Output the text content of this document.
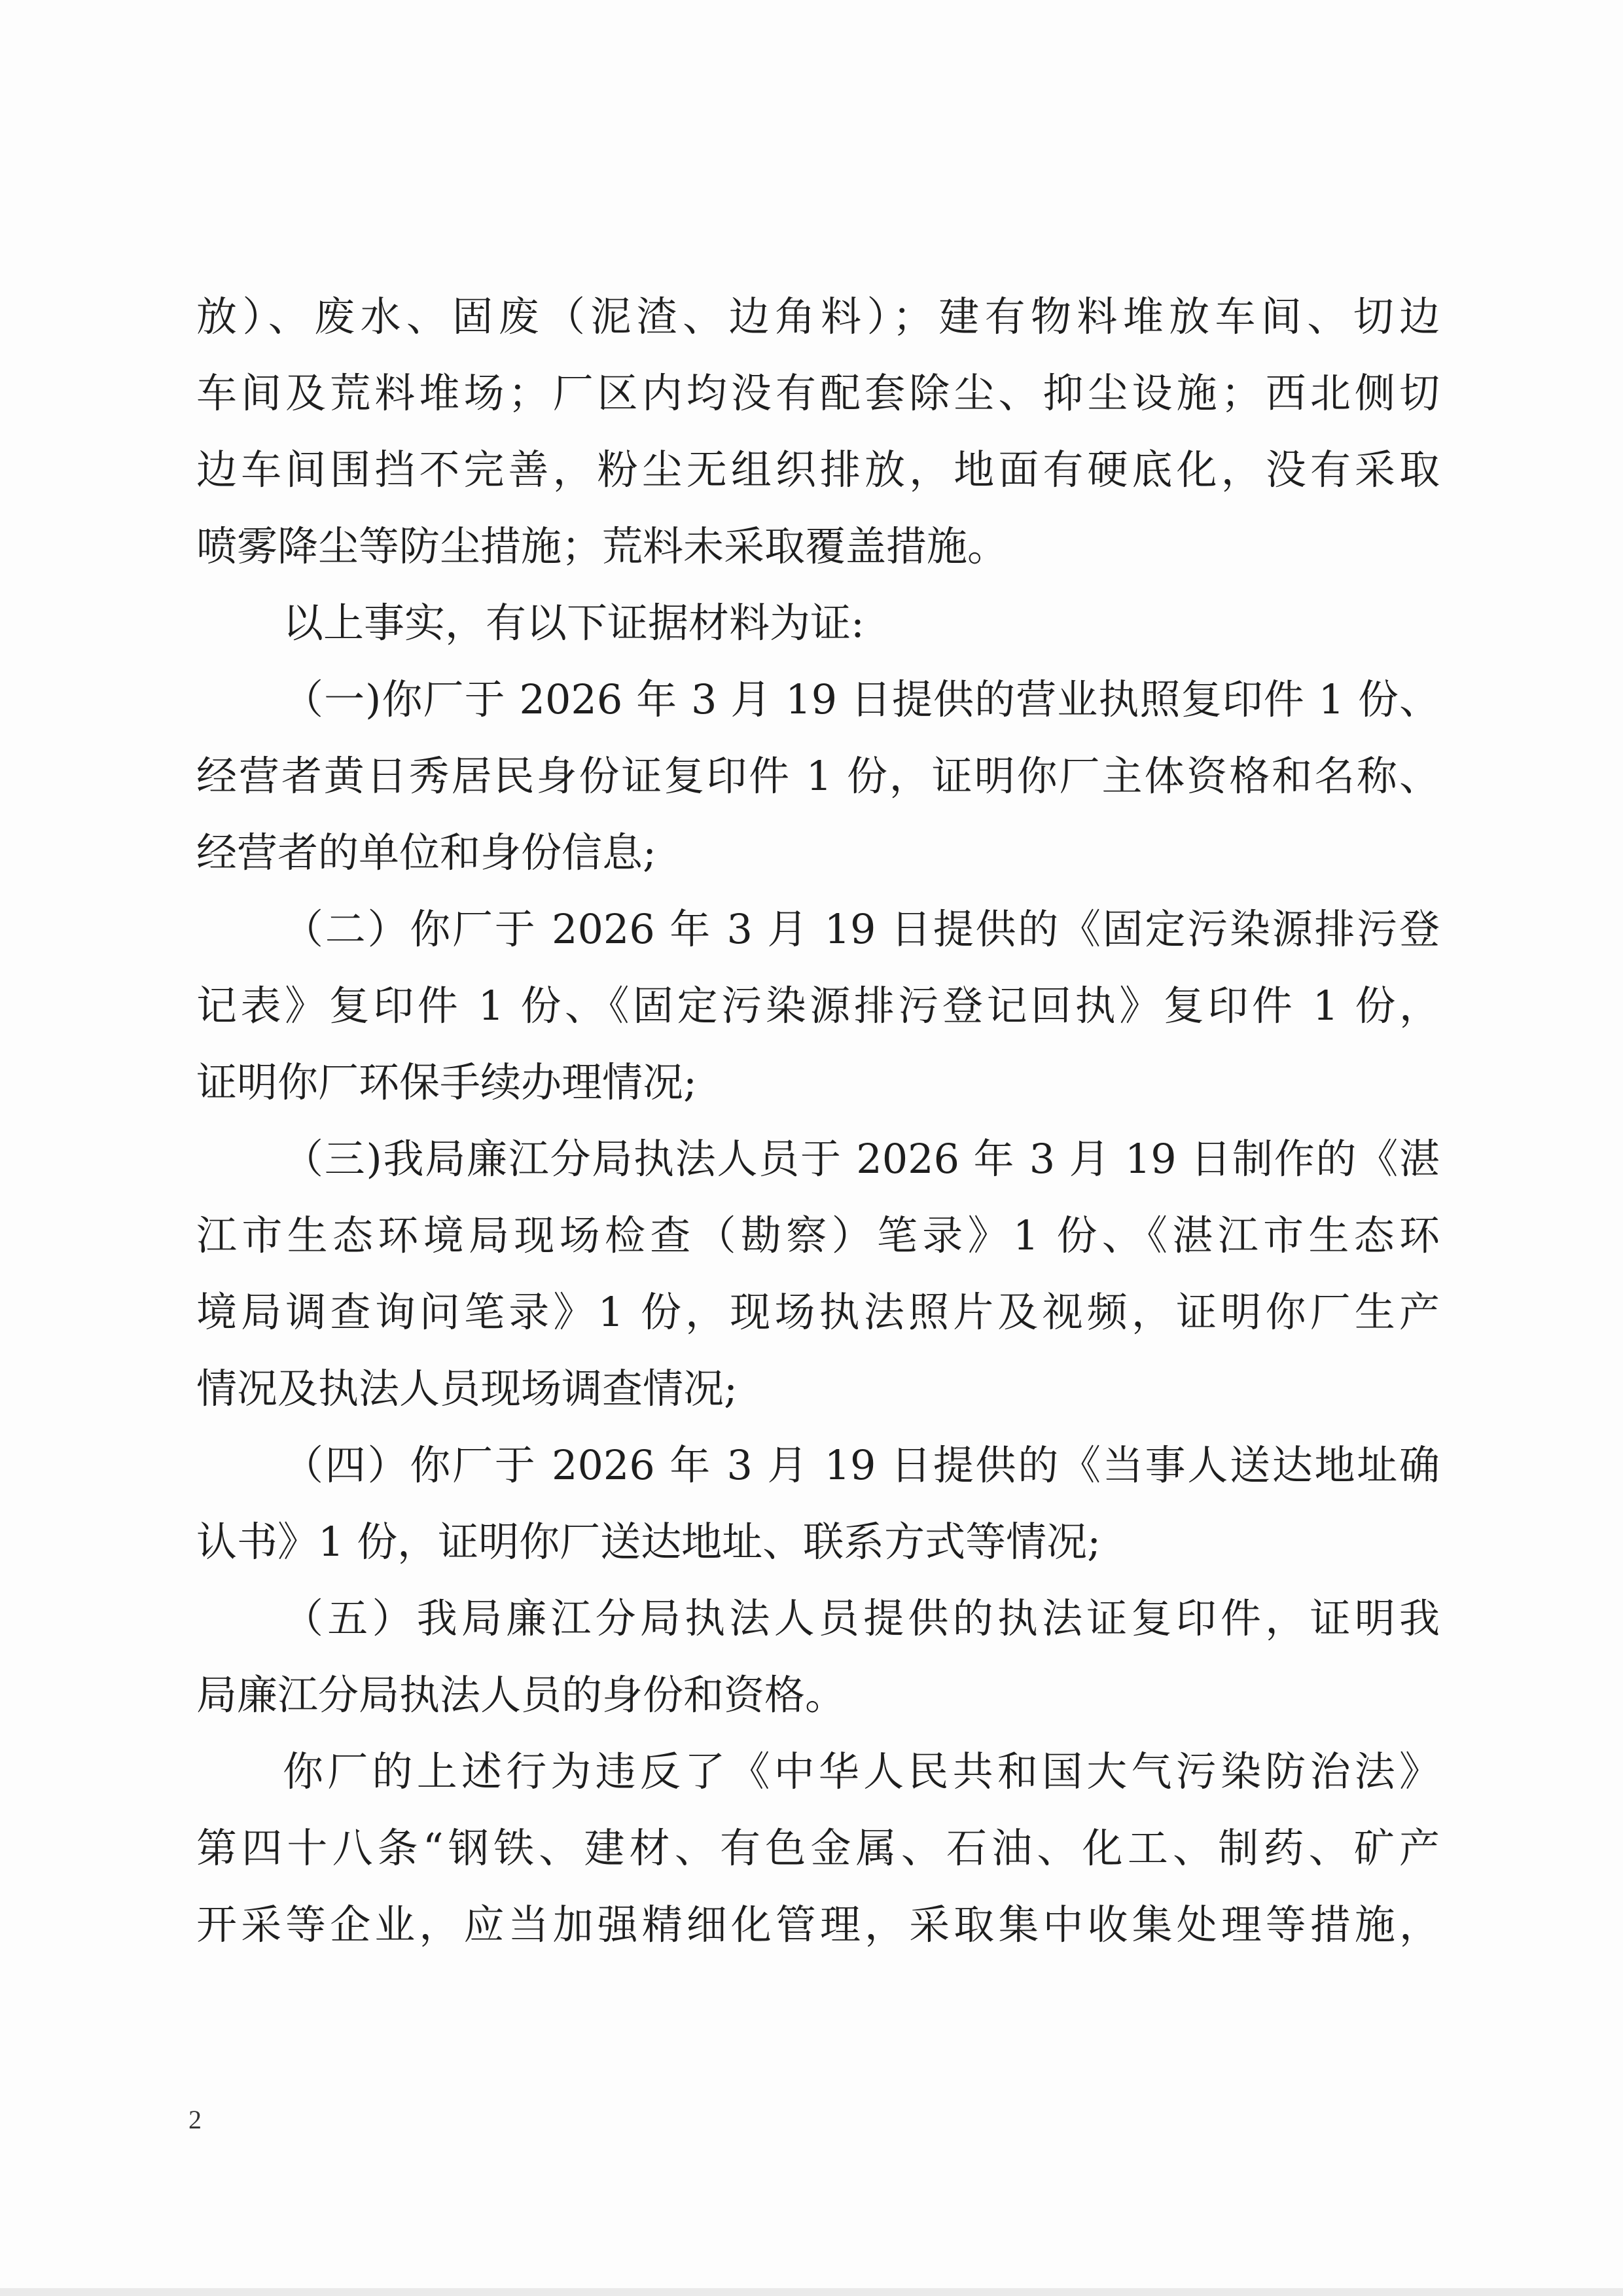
放）、废水、固废（泥渣、边角料）；建有物料堆放车间、切边
车间及荒料堆场；厂区内均没有配套除尘、抑尘设施；西北侧切
边车间围挡不完善，粉尘无组织排放，地面有硬底化，没有采取
喷雾降尘等防尘措施；荒料未采取覆盖措施。
以上事实，有以下证据材料为证:
（一)你厂于 2026 年 3 月 19 日提供的营业执照复印件 1 份、
经营者黄日秀居民身份证复印件 1 份，证明你厂主体资格和名称、
经营者的单位和身份信息;
（二）你厂于 2026 年 3 月 19 日提供的《固定污染源排污登
记表》复印件 1 份、《固定污染源排污登记回执》复印件 1 份，
证明你厂环保手续办理情况;
（三)我局廉江分局执法人员于 2026 年 3 月 19 日制作的《湛
江市生态环境局现场检查（勘察）笔录》1 份、《湛江市生态环
境局调查询问笔录》1 份，现场执法照片及视频，证明你厂生产
情况及执法人员现场调查情况;
（四）你厂于 2026 年 3 月 19 日提供的《当事人送达地址确
认书》1 份，证明你厂送达地址、联系方式等情况;
（五）我局廉江分局执法人员提供的执法证复印件，证明我
局廉江分局执法人员的身份和资格。
你厂的上述行为违反了《中华人民共和国大气污染防治法》
第四十八条“钢铁、建材、有色金属、石油、化工、制药、矿产
开采等企业，应当加强精细化管理，采取集中收集处理等措施，
2
